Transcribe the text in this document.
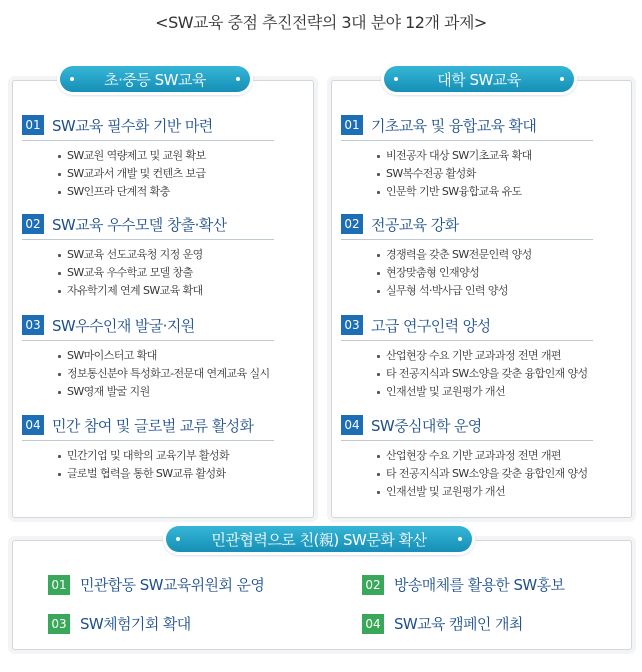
<SW교육 중점 추진전략의 3대 분야 12개 과제>
초·중등 SW교육	대학 SW교육
01 SW교육 필수화 기반 마련
SW교원 역량제고 및 교원 확보
SW교과서 개발 및 컨텐츠 보급
SW인프라 단계적 확충
02 SW교육 우수모델 창출·확산
SW교육 선도교육청 지정 운영
SW교육 우수학교 모델 창출
자유학기제 연계 SW교육 확대
03 SW우수인재 발굴·지원
SW마이스터고 확대
정보통신분야 특성화고-전문대 연계교육 실시
SW영재 발굴 지원
04 민간 참여 및 글로벌 교류 활성화
민간기업 및 대학의 교육기부 활성화
글로벌 협력을 통한 SW교류 활성화
01 기초교육 및 융합교육 확대
비전공자 대상 SW기초교육 확대
SW복수전공 활성화
인문학 기반 SW융합교육 유도
02 전공교육 강화
경쟁력을 갖춘 SW전문인력 양성
현장맞춤형 인재양성
실무형 석·박사급 인력 양성
03 고급 연구인력 양성
산업현장 수요 기반 교과과정 전면 개편
타 전공지식과 SW소양을 갖춘 융합인재 양성
인재선발 및 교원평가 개선
04 SW중심대학 운영
산업현장 수요 기반 교과과정 전면 개편
타 전공지식과 SW소양을 갖춘 융합인재 양성
인재선발 및 교원평가 개선
민관협력으로 친(親) SW문화 확산
01 민관합동 SW교육위원회 운영	02 방송매체를 활용한 SW홍보
03 SW체험기회 확대	04 SW교육 캠페인 개최
